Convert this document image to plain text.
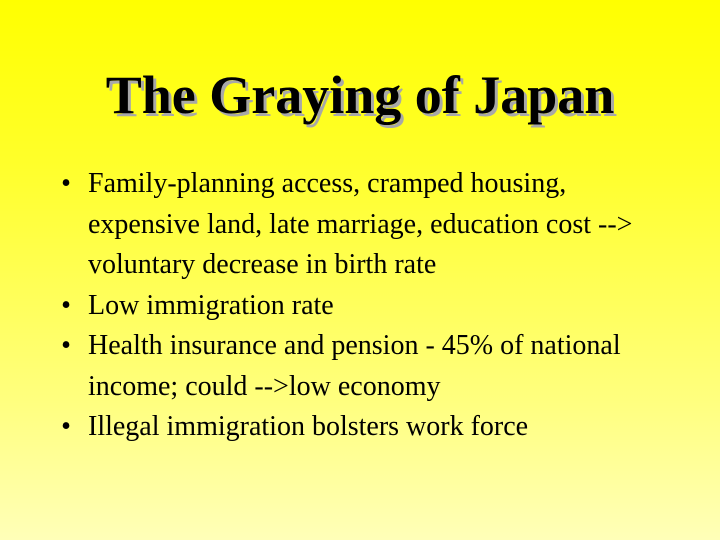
The Graying of Japan
• Family-planning access, cramped housing, expensive land, late marriage, education cost --> voluntary decrease in birth rate
• Low immigration rate
• Health insurance and pension - 45% of national income; could -->low economy
• Illegal immigration bolsters work force
